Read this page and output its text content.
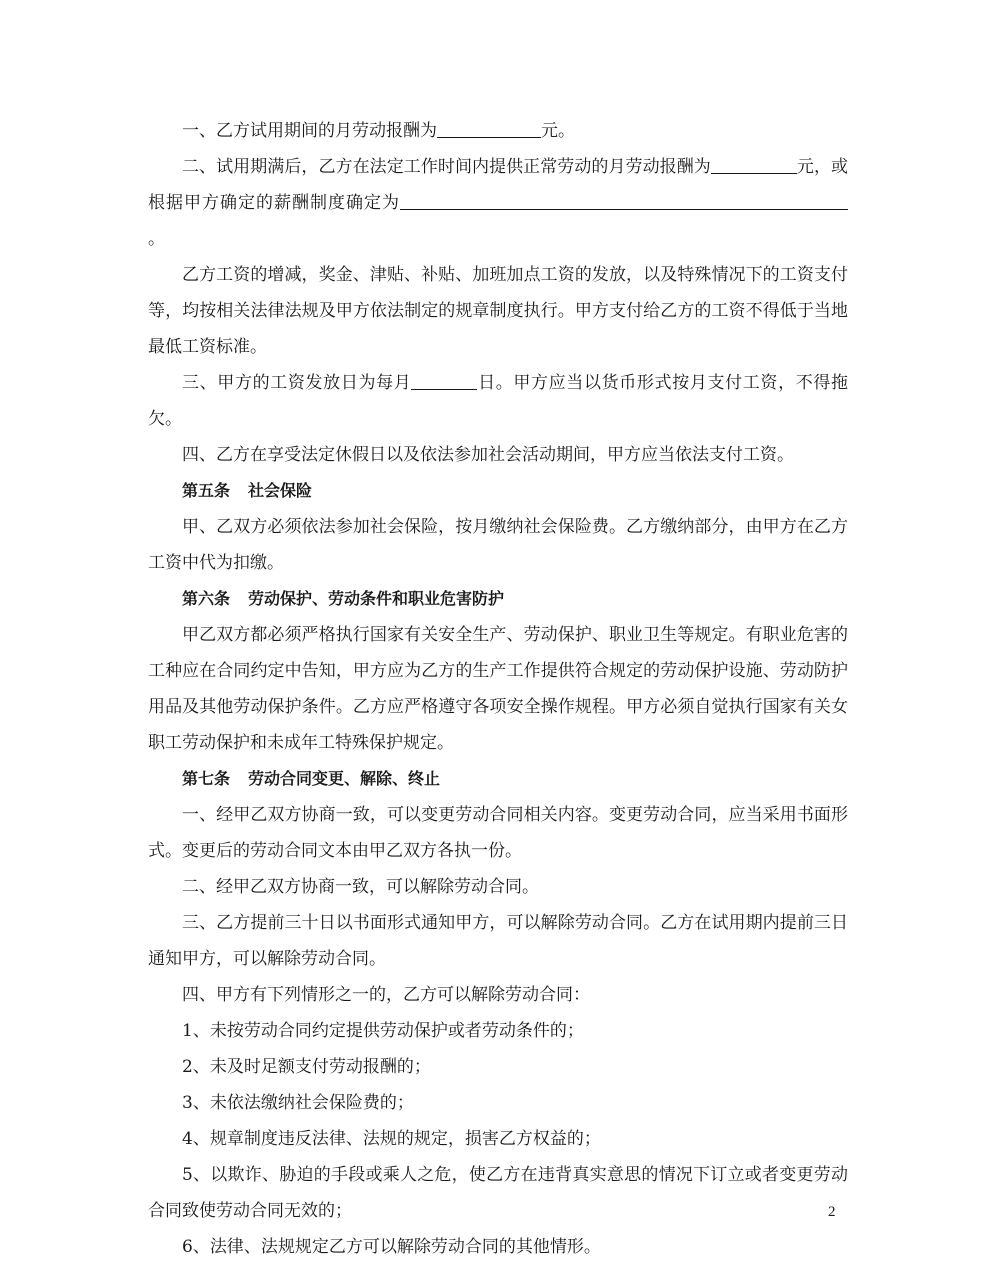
一、乙方试用期间的月劳动报酬为	元。

二、试用期满后，乙方在法定工作时间内提供正常劳动的月劳动报酬为	元，或根据甲方确定的薪酬制度确定为。

乙方工资的增减，奖金、津贴、补贴、加班加点工资的发放，以及特殊情况下的工资支付等，均按相关法律法规及甲方依法制定的规章制度执行。甲方支付给乙方的工资不得低于当地最低工资标准。

三、甲方的工资发放日为每月	日。甲方应当以货币形式按月支付工资，不得拖欠。

四、乙方在享受法定休假日以及依法参加社会活动期间，甲方应当依法支付工资。

第五条 社会保险

甲、乙双方必须依法参加社会保险，按月缴纳社会保险费。乙方缴纳部分，由甲方在乙方工资中代为扣缴。

第六条 劳动保护、劳动条件和职业危害防护

甲乙双方都必须严格执行国家有关安全生产、劳动保护、职业卫生等规定。有职业危害的工种应在合同约定中告知，甲方应为乙方的生产工作提供符合规定的劳动保护设施、劳动防护用品及其他劳动保护条件。乙方应严格遵守各项安全操作规程。甲方必须自觉执行国家有关女职工劳动保护和未成年工特殊保护规定。

第七条 劳动合同变更、解除、终止

一、经甲乙双方协商一致，可以变更劳动合同相关内容。变更劳动合同，应当采用书面形式。变更后的劳动合同文本由甲乙双方各执一份。

二、经甲乙双方协商一致，可以解除劳动合同。

三、乙方提前三十日以书面形式通知甲方，可以解除劳动合同。乙方在试用期内提前三日通知甲方，可以解除劳动合同。

四、甲方有下列情形之一的，乙方可以解除劳动合同：

1、未按劳动合同约定提供劳动保护或者劳动条件的；

2、未及时足额支付劳动报酬的；

3、未依法缴纳社会保险费的；

4、规章制度违反法律、法规的规定，损害乙方权益的；

5、以欺诈、胁迫的手段或乘人之危，使乙方在违背真实意思的情况下订立或者变更劳动合同致使劳动合同无效的；

6、法律、法规规定乙方可以解除劳动合同的其他情形。

2
